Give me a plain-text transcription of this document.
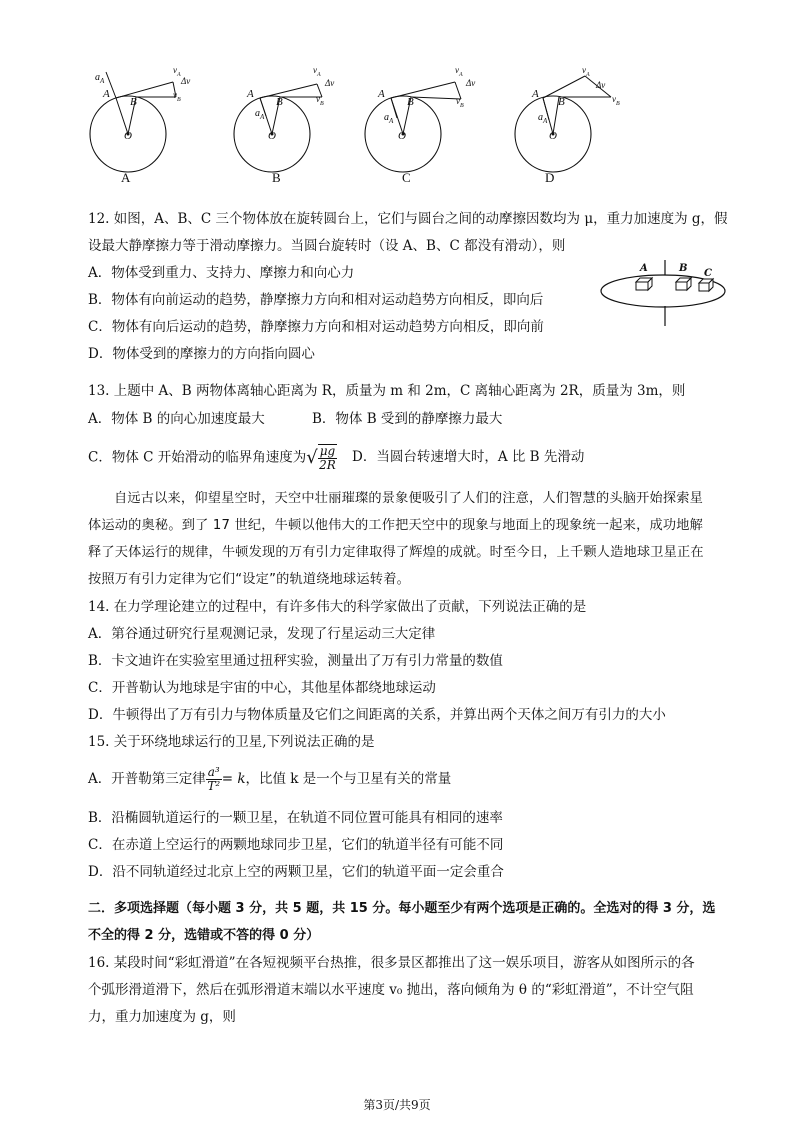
$a_A$
A
B
O
$v_A$
Δv
$v_B$
A
A
$a_A$
B
O
$v_A$
Δv
$v_B$
B
A
$a_A$
B
O
$v_A$
Δv
$v_B$
C
A
$a_A$
B
O
$v_A$
Δv
$v_B$
D
12. 如图，A、B、C 三个物体放在旋转圆台上，它们与圆台之间的动摩擦因数均为 μ，重力加速度为 g，假
设最大静摩擦力等于滑动摩擦力。当圆台旋转时（设 A、B、C 都没有滑动），则
A．物体受到重力、支持力、摩擦力和向心力
B．物体有向前运动的趋势，静摩擦力方向和相对运动趋势方向相反，即向后
C．物体有向后运动的趋势，静摩擦力方向和相对运动趋势方向相反，即向前
D．物体受到的摩擦力的方向指向圆心
A	B C
13. 上题中 A、B 两物体离轴心距离为 R，质量为 m 和 2m，C 离轴心距离为 2R，质量为 3m，则
A．物体 B 的向心加速度最大	B．物体 B 受到的静摩擦力最大
C．物体 C 开始滑动的临界角速度为√ $\frac{\mu g}{2R}$ D．当圆台转速增大时，A 比 B 先滑动
自远古以来，仰望星空时，天空中壮丽璀璨的景象便吸引了人们的注意，人们智慧的头脑开始探索星体运动的奥秘。到了 17 世纪，牛顿以他伟大的工作把天空中的现象与地面上的现象统一起来，成功地解释了天体运行的规律，牛顿发现的万有引力定律取得了辉煌的成就。时至今日，上千颗人造地球卫星正在按照万有引力定律为它们“设定”的轨道绕地球运转着。
14. 在力学理论建立的过程中，有许多伟大的科学家做出了贡献，下列说法正确的是
A．第谷通过研究行星观测记录，发现了行星运动三大定律
B．卡文迪许在实验室里通过扭秤实验，测量出了万有引力常量的数值
C．开普勒认为地球是宇宙的中心，其他星体都绕地球运动
D．牛顿得出了万有引力与物体质量及它们之间距离的关系，并算出两个天体之间万有引力的大小
15. 关于环绕地球运行的卫星,下列说法正确的是
A．开普勒第三定律 $\frac{\text{a³}}{\text{T²}} = k$，比值 k 是一个与卫星有关的常量
B．沿椭圆轨道运行的一颗卫星，在轨道不同位置可能具有相同的速率
C．在赤道上空运行的两颗地球同步卫星，它们的轨道半径有可能不同
D．沿不同轨道经过北京上空的两颗卫星，它们的轨道平面一定会重合
二．多项选择题（每小题 3 分，共 5 题，共 15 分。每小题至少有两个选项是正确的。全选对的得 3 分，选
不全的得 2 分，选错或不答的得 0 分）
16. 某段时间“彩虹滑道”在各短视频平台热推，很多景区都推出了这一娱乐项目，游客从如图所示的各
个弧形滑道滑下，然后在弧形滑道末端以水平速度 v₀ 抛出，落向倾角为 θ 的“彩虹滑道”，不计空气阻
力，重力加速度为 g，则
第3页/共9页
